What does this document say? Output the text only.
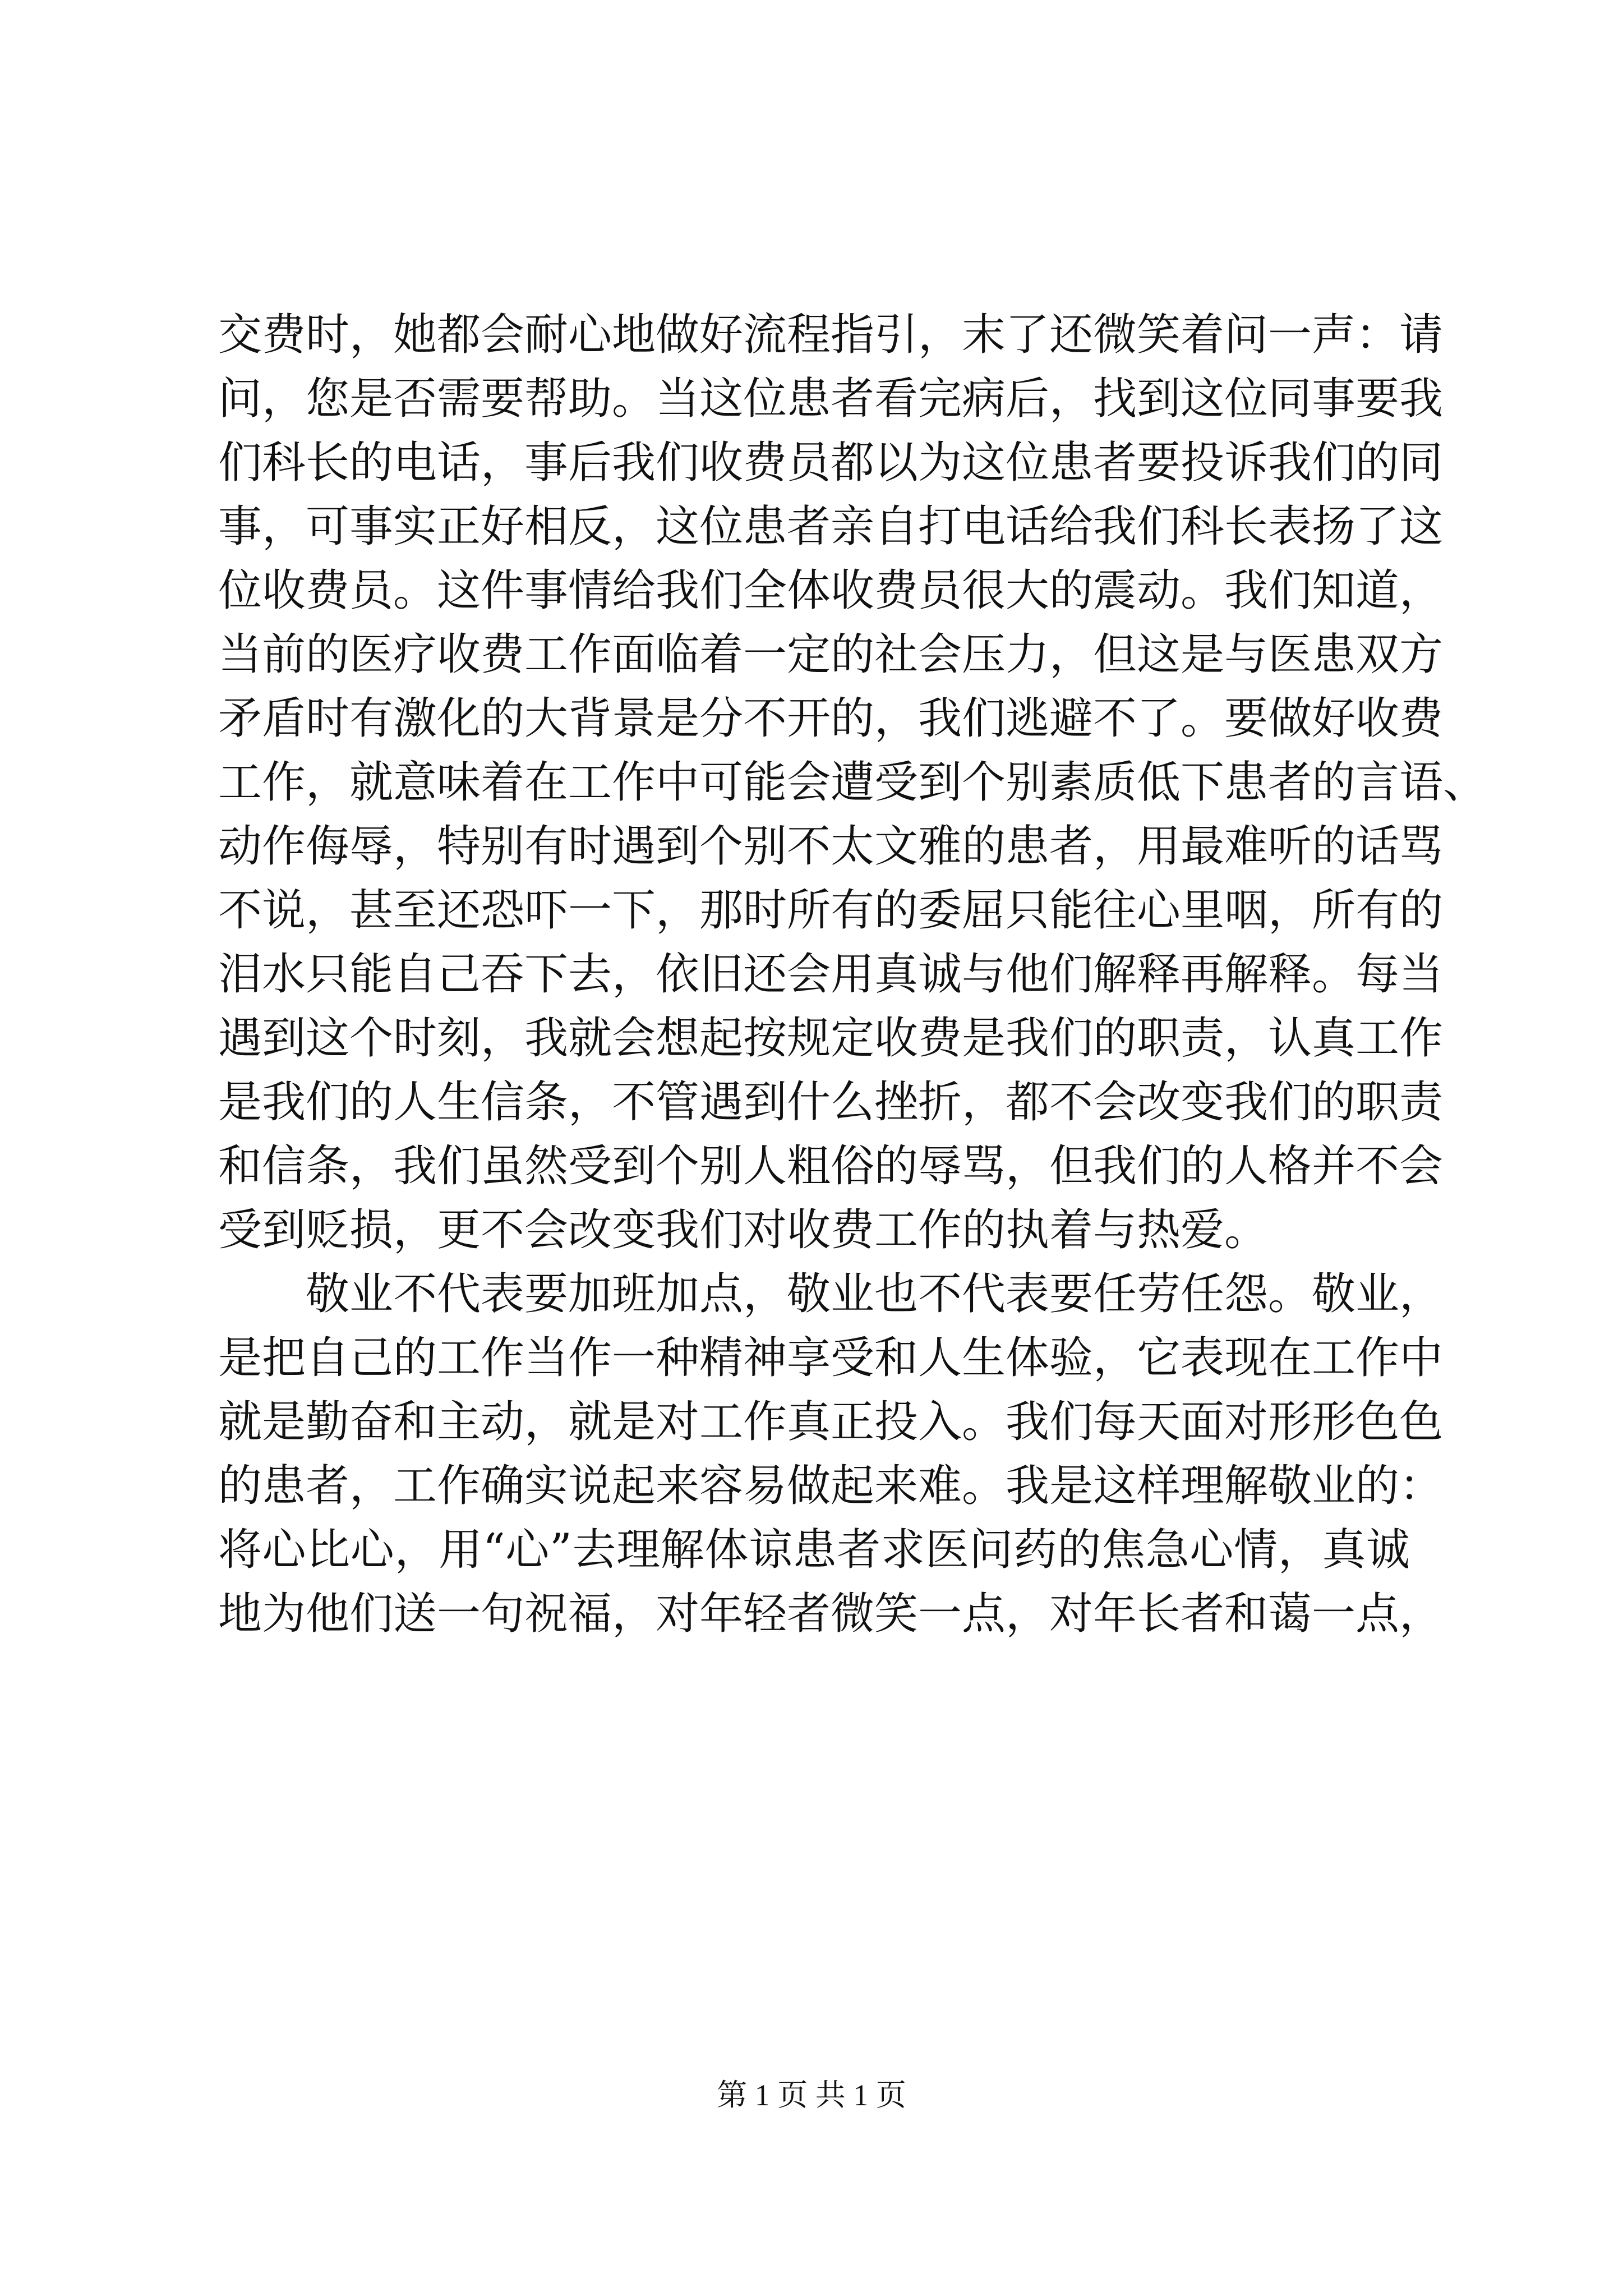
交费时，她都会耐心地做好流程指引，末了还微笑着问一声：请
问，您是否需要帮助。当这位患者看完病后，找到这位同事要我
们科长的电话，事后我们收费员都以为这位患者要投诉我们的同
事，可事实正好相反，这位患者亲自打电话给我们科长表扬了这
位收费员。这件事情给我们全体收费员很大的震动。我们知道，
当前的医疗收费工作面临着一定的社会压力，但这是与医患双方
矛盾时有激化的大背景是分不开的，我们逃避不了。要做好收费
工作，就意味着在工作中可能会遭受到个别素质低下患者的言语、
动作侮辱，特别有时遇到个别不太文雅的患者，用最难听的话骂
不说，甚至还恐吓一下，那时所有的委屈只能往心里咽，所有的
泪水只能自己吞下去，依旧还会用真诚与他们解释再解释。每当
遇到这个时刻，我就会想起按规定收费是我们的职责，认真工作
是我们的人生信条，不管遇到什么挫折，都不会改变我们的职责
和信条，我们虽然受到个别人粗俗的辱骂，但我们的人格并不会
受到贬损，更不会改变我们对收费工作的执着与热爱。
　　敬业不代表要加班加点，敬业也不代表要任劳任怨。敬业，
是把自己的工作当作一种精神享受和人生体验，它表现在工作中
就是勤奋和主动，就是对工作真正投入。我们每天面对形形色色
的患者，工作确实说起来容易做起来难。我是这样理解敬业的：
将心比心，用“心”去理解体谅患者求医问药的焦急心情，真诚
地为他们送一句祝福，对年轻者微笑一点，对年长者和蔼一点，
第 1 页 共 1 页
